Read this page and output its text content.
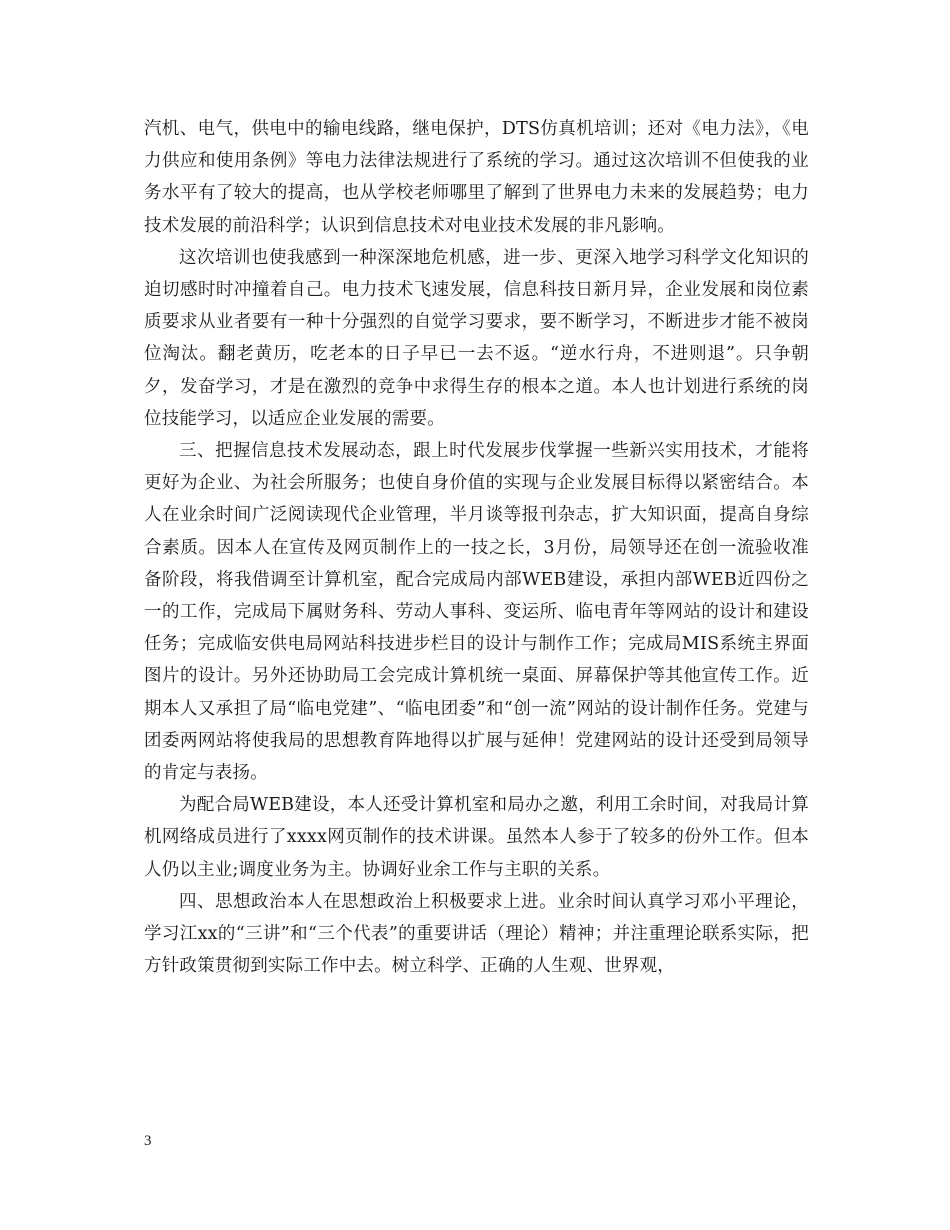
汽机、电气，供电中的输电线路，继电保护，DTS仿真机培训；还对《电力法》，《电力供应和使用条例》等电力法律法规进行了系统的学习。通过这次培训不但使我的业务水平有了较大的提高，也从学校老师哪里了解到了世界电力未来的发展趋势；电力技术发展的前沿科学；认识到信息技术对电业技术发展的非凡影响。

这次培训也使我感到一种深深地危机感，进一步、更深入地学习科学文化知识的迫切感时时冲撞着自己。电力技术飞速发展，信息科技日新月异，企业发展和岗位素质要求从业者要有一种十分强烈的自觉学习要求，要不断学习，不断进步才能不被岗位淘汰。翻老黄历，吃老本的日子早已一去不返。“逆水行舟，不进则退”。只争朝夕，发奋学习，才是在激烈的竞争中求得生存的根本之道。本人也计划进行系统的岗位技能学习，以适应企业发展的需要。

三、把握信息技术发展动态，跟上时代发展步伐掌握一些新兴实用技术，才能将更好为企业、为社会所服务；也使自身价值的实现与企业发展目标得以紧密结合。本人在业余时间广泛阅读现代企业管理，半月谈等报刊杂志，扩大知识面，提高自身综合素质。因本人在宣传及网页制作上的一技之长，3月份，局领导还在创一流验收准备阶段，将我借调至计算机室，配合完成局内部WEB建设，承担内部WEB近四份之一的工作，完成局下属财务科、劳动人事科、变运所、临电青年等网站的设计和建设任务；完成临安供电局网站科技进步栏目的设计与制作工作；完成局MIS系统主界面图片的设计。另外还协助局工会完成计算机统一桌面、屏幕保护等其他宣传工作。近期本人又承担了局“临电党建”、“临电团委”和“创一流”网站的设计制作任务。党建与团委两网站将使我局的思想教育阵地得以扩展与延伸！党建网站的设计还受到局领导的肯定与表扬。

为配合局WEB建设，本人还受计算机室和局办之邀，利用工余时间，对我局计算机网络成员进行了xxxx网页制作的技术讲课。虽然本人参于了较多的份外工作。但本人仍以主业;调度业务为主。协调好业余工作与主职的关系。

四、思想政治本人在思想政治上积极要求上进。业余时间认真学习邓小平理论，学习江xx的“三讲”和“三个代表”的重要讲话（理论）精神；并注重理论联系实际，把方针政策贯彻到实际工作中去。树立科学、正确的人生观、世界观，

3
